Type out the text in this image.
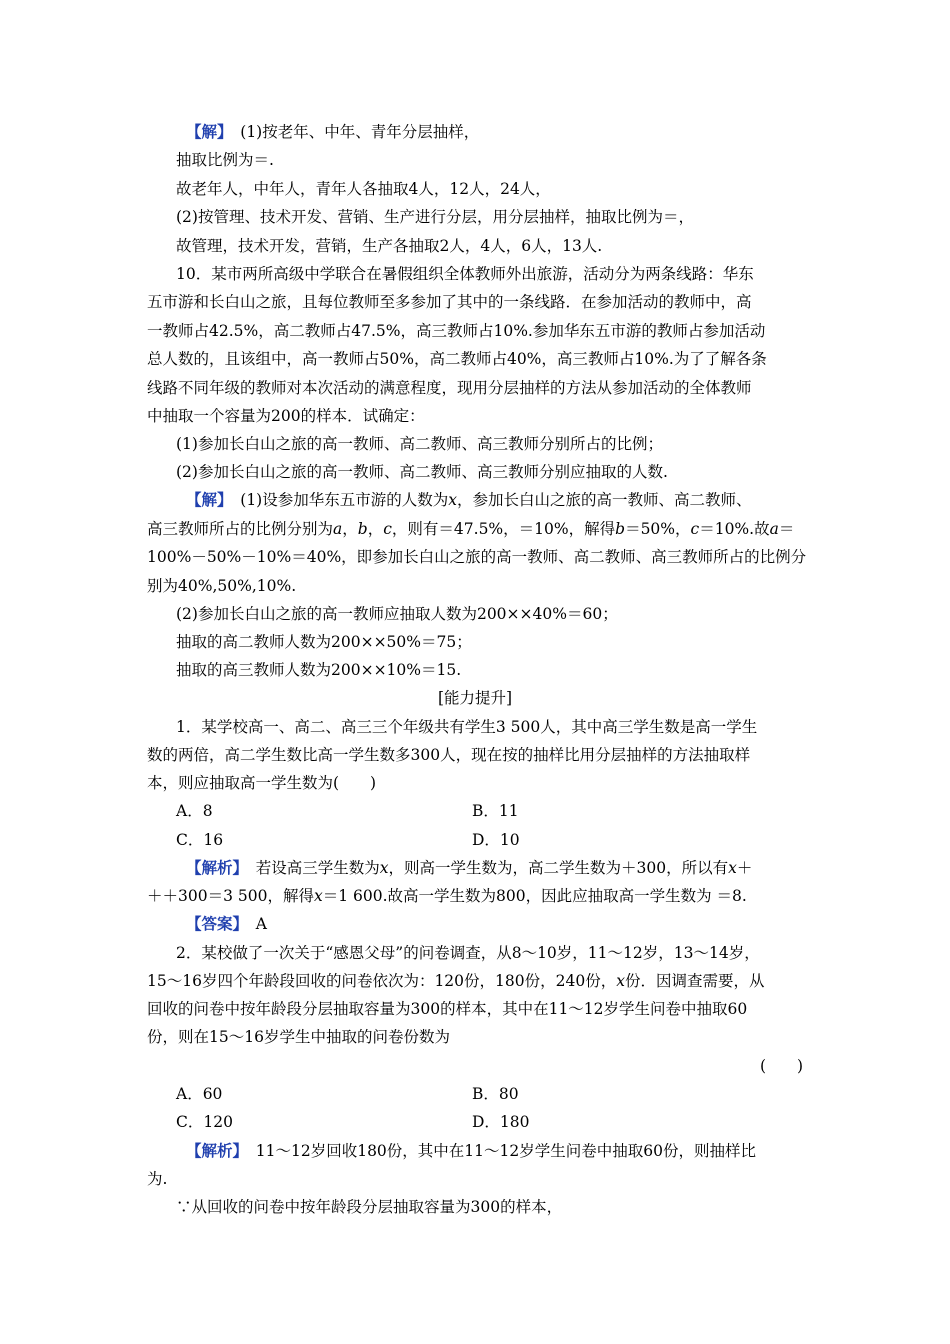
【解】　(1)按老年、中年、青年分层抽样，
抽取比例为＝.
故老年人，中年人，青年人各抽取4人，12人，24人，
(2)按管理、技术开发、营销、生产进行分层，用分层抽样，抽取比例为＝，
故管理，技术开发，营销，生产各抽取2人，4人，6人，13人.
10．某市两所高级中学联合在暑假组织全体教师外出旅游，活动分为两条线路：华东
五市游和长白山之旅，且每位教师至多参加了其中的一条线路．在参加活动的教师中，高
一教师占42.5%，高二教师占47.5%，高三教师占10%.参加华东五市游的教师占参加活动
总人数的，且该组中，高一教师占50%，高二教师占40%，高三教师占10%.为了了解各条
线路不同年级的教师对本次活动的满意程度，现用分层抽样的方法从参加活动的全体教师
中抽取一个容量为200的样本．试确定：
(1)参加长白山之旅的高一教师、高二教师、高三教师分别所占的比例；
(2)参加长白山之旅的高一教师、高二教师、高三教师分别应抽取的人数.
【解】　(1)设参加华东五市游的人数为x，参加长白山之旅的高一教师、高二教师、
高三教师所占的比例分别为a，b，c，则有＝47.5%，＝10%，解得b＝50%，c＝10%.故a＝
100%－50%－10%＝40%，即参加长白山之旅的高一教师、高二教师、高三教师所占的比例分
别为40%,50%,10%.
(2)参加长白山之旅的高一教师应抽取人数为200××40%＝60；
抽取的高二教师人数为200××50%＝75；
抽取的高三教师人数为200××10%＝15.
[能力提升]
1．某学校高一、高二、高三三个年级共有学生3 500人，其中高三学生数是高一学生
数的两倍，高二学生数比高一学生数多300人，现在按的抽样比用分层抽样的方法抽取样
本，则应抽取高一学生数为(　　)
A．8	B．11
C．16	D．10
【解析】　若设高三学生数为x，则高一学生数为，高二学生数为＋300，所以有x＋
＋＋300＝3 500，解得x＝1 600.故高一学生数为800，因此应抽取高一学生数为 ＝8.
【答案】　A
2．某校做了一次关于“感恩父母”的问卷调查，从8～10岁，11～12岁，13～14岁，
15～16岁四个年龄段回收的问卷依次为：120份，180份，240份，x份．因调查需要，从
回收的问卷中按年龄段分层抽取容量为300的样本，其中在11～12岁学生问卷中抽取60
份，则在15～16岁学生中抽取的问卷份数为
(　　)
A．60	B．80
C．120	D．180
【解析】　11～12岁回收180份，其中在11～12岁学生问卷中抽取60份，则抽样比
为.
∵从回收的问卷中按年龄段分层抽取容量为300的样本，
